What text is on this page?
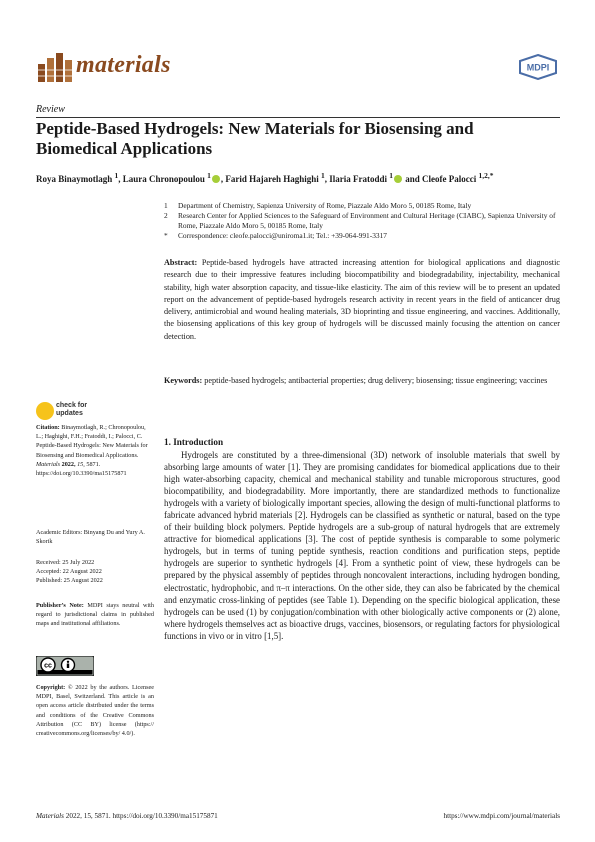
materials	MDPI
Review
Peptide-Based Hydrogels: New Materials for Biosensing and Biomedical Applications
Roya Binaymotlagh $^1$, Laura Chronopoulou $^1$ , Farid Hajareh Haghighi $^1$, Ilaria Fratoddi $^1$ and Cleofe Palocci $^{1,2,*}$
1	Department of Chemistry, Sapienza University of Rome, Piazzale Aldo Moro 5, 00185 Rome, Italy
2	Research Center for Applied Sciences to the Safeguard of Environment and Cultural Heritage (CIABC), Sapienza University of Rome, Piazzale Aldo Moro 5, 00185 Rome, Italy
*	Correspondence: cleofe.palocci@uniroma1.it; Tel.: +39-064-991-3317
Abstract: Peptide-based hydrogels have attracted increasing attention for biological applications and diagnostic research due to their impressive features including biocompatibility and biodegradability, injectability, mechanical stability, high water absorption capacity, and tissue-like elasticity. The aim of this review will be to present an updated report on the advancement of peptide-based hydrogels research activity in recent years in the field of anticancer drug delivery, antimicrobial and wound healing materials, 3D bioprinting and tissue engineering, and vaccines. Additionally, the biosensing applications of this key group of hydrogels will be discussed mainly focusing the attention on cancer detection.
Keywords: peptide-based hydrogels; antibacterial properties; drug delivery; biosensing; tissue engineering; vaccines
check for
updates

Citation: Binaymotlagh, R.; Chronopoulou, L.; Haghighi, F.H.; Fratoddi, I.; Palocci, C. Peptide-Based Hydrogels: New Materials for Biosensing and Biomedical Applications. Materials 2022, 15, 5871. https://doi.org/10.3390/ma15175871

Academic Editors: Binyang Du and Yury A. Skorik

Received: 25 July 2022

Accepted: 22 August 2022

Published: 25 August 2022

Publisher’s Note: MDPI stays neutral with regard to jurisdictional claims in published maps and institutional affiliations.

cc

Copyright: © 2022 by the authors. Licensee MDPI, Basel, Switzerland. This article is an open access article distributed under the terms and conditions of the Creative Commons Attribution (CC BY) license (https:// creativecommons.org/licenses/by/ 4.0/).

1. Introduction

Hydrogels are constituted by a three-dimensional (3D) network of insoluble materials that swell by absorbing large amounts of water [1]. They are promising candidates for biomedical applications due to their high water-absorbing capacity, chemical and mechanical stability and tunable microporous structures, good biocompatibility, and biodegradability. More importantly, there are standardized methods to functionalize hydrogels with a variety of biologically important species, allowing the design of multi-functional platforms to fabricate advanced hybrid materials [2]. Hydrogels can be classified as synthetic or natural, based on the type of their building block polymers. Peptide hydrogels are a sub-group of natural hydrogels that are extremely attractive for biomedical applications [3]. The cost of peptide synthesis is comparable to some polymeric hydrogels, but in terms of tuning peptide synthesis, reaction conditions and purification steps, peptide hydrogels are superior to synthetic hydrogels [4]. From a synthetic point of view, these hydrogels can be prepared by the physical assembly of peptides through noncovalent interactions, including hydrogen bonding, electrostatic, hydrophobic, and π–π interactions. On the other side, they can also be fabricated by the chemical and enzymatic cross-linking of peptides (see Table 1). Depending on the specific biological application, these hydrogels can be used (1) by conjugation/combination with other biologically active components or (2) alone, where hydrogels themselves act as bioactive drugs, vaccines, biosensors, or regulating factors for physiological functions in vivo or in vitro [1,5].

Materials 2022, 15, 5871. https://doi.org/10.3390/ma15175871	https://www.mdpi.com/journal/materials
